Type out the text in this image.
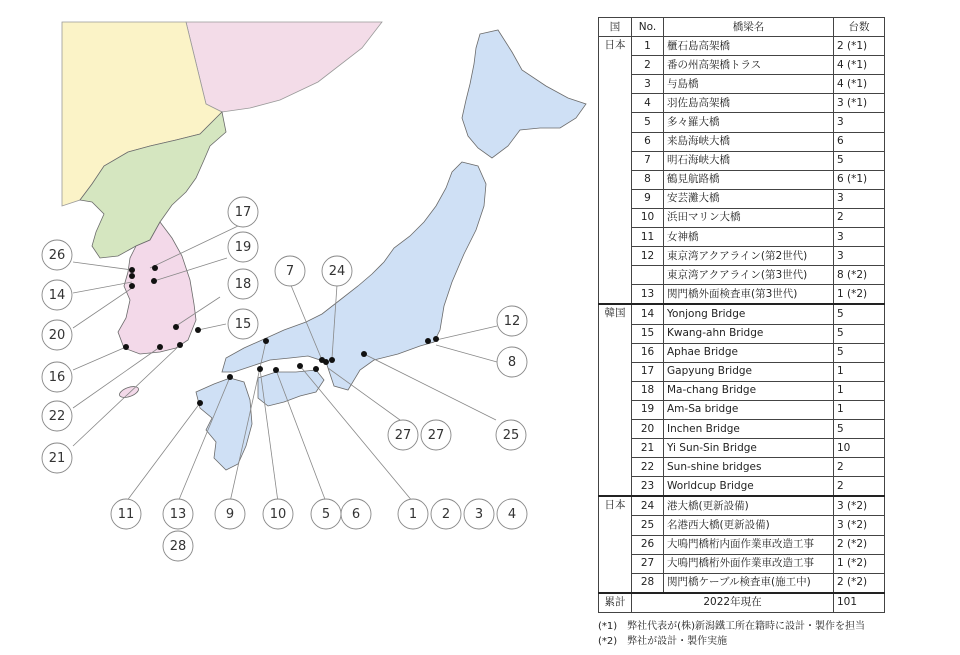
17
19
18
15
26
14
20
16
22
21
11	13
28
9	10	5 6	1 2 3 4
7	24
27 27	25
12
8
国	No.	橋梁名	台数
日本	1	櫃石島高架橋	2 (*1)
	2	番の州高架橋トラス	4 (*1)
	3	与島橋	4 (*1)
	4	羽佐島高架橋	3 (*1)
	5	多々羅大橋	3
	6	来島海峡大橋	6
	7	明石海峡大橋	5
	8	鶴見航路橋	6 (*1)
	9	安芸灘大橋	3
	10	浜田マリン大橋	2
	11	女神橋	3
	12	東京湾アクアライン(第2世代)	3
		東京湾アクアライン(第3世代)	8 (*2)
	13	関門橋外面検査車(第3世代)	1 (*2)
韓国	14	Yonjong Bridge	5
	15	Kwang-ahn Bridge	5
	16	Aphae Bridge	5
	17	Gapyung Bridge	1
	18	Ma-chang Bridge	1
	19	Am-Sa bridge	1
	20	Inchen Bridge	5
	21	Yi Sun-Sin Bridge	10
	22	Sun-shine bridges	2
	23	Worldcup Bridge	2
日本	24	港大橋(更新設備)	3 (*2)
	25	名港西大橋(更新設備)	3 (*2)
	26	大鳴門橋桁内面作業車改造工事	2 (*2)
	27	大鳴門橋桁外面作業車改造工事	1 (*2)
	28	関門橋ケーブル検査車(施工中)	2 (*2)
累計	2022年現在		101
(*1)　弊社代表が(株)新潟鐵工所在籍時に設計・製作を担当
(*2)　弊社が設計・製作実施
